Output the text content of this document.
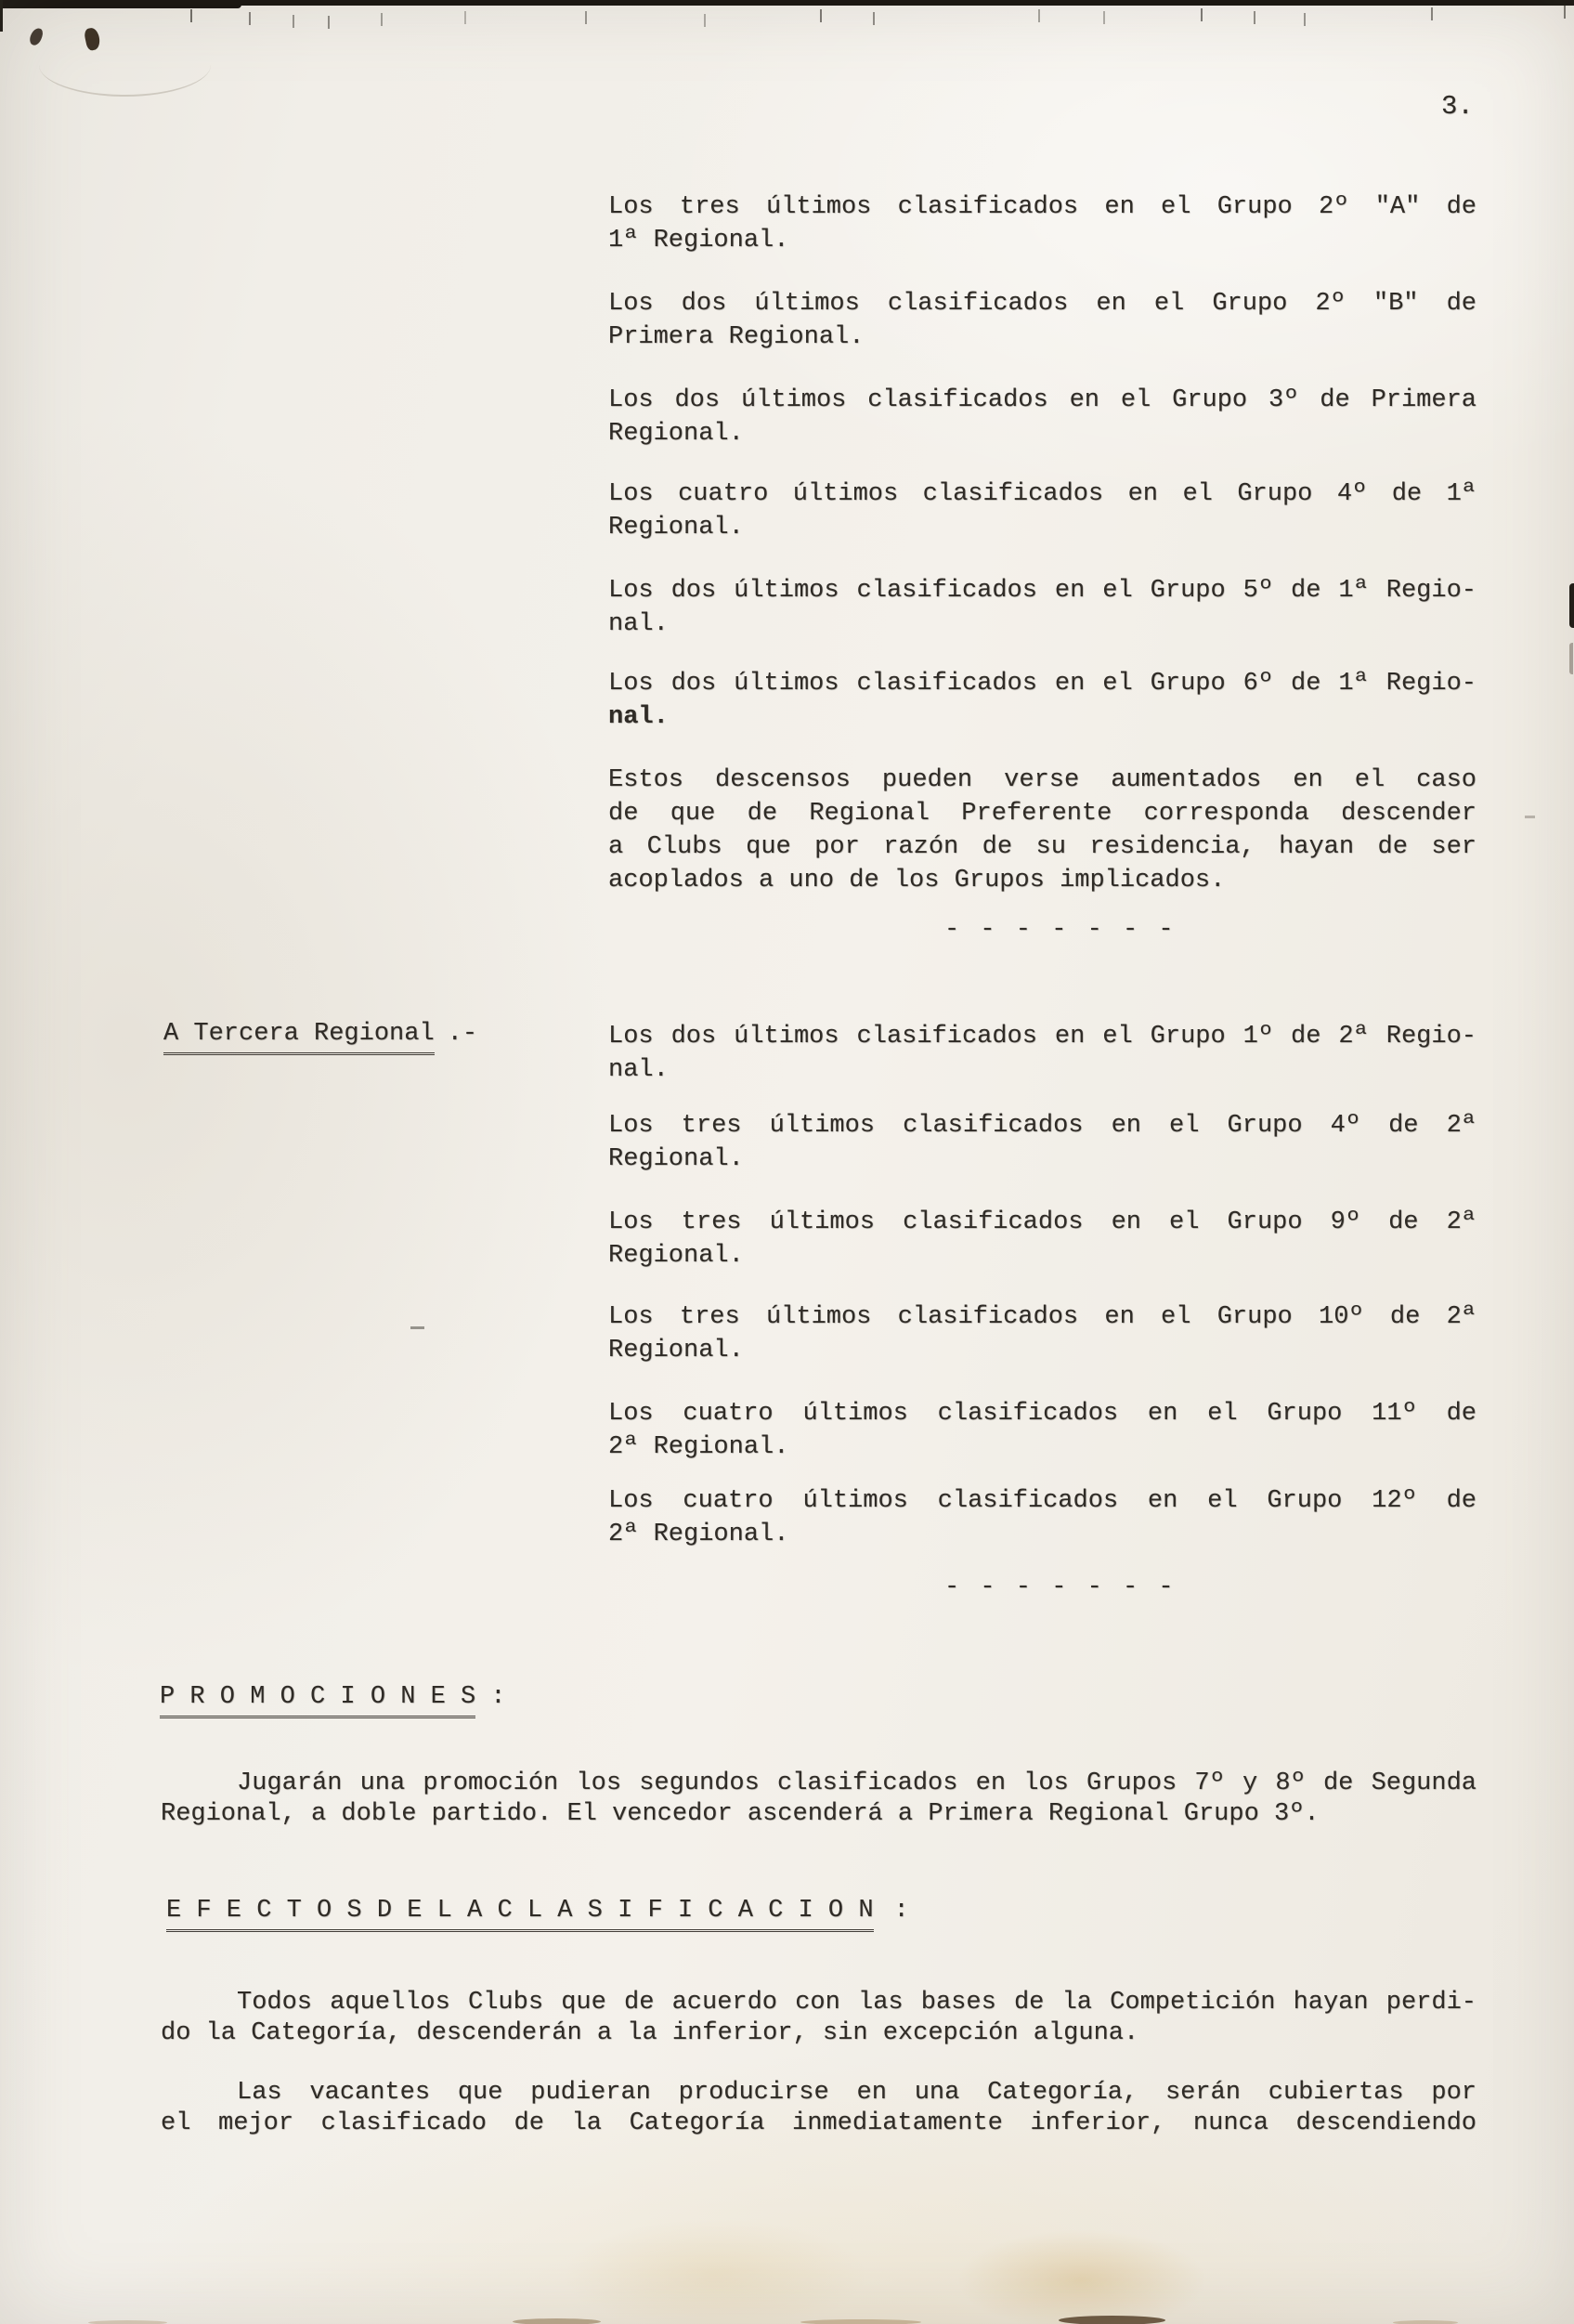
3.
Los tres últimos clasificados en el Grupo 2º "A" de
1ª Regional.
Los dos últimos clasificados en el Grupo 2º "B" de
Primera Regional.
Los dos últimos clasificados en el Grupo 3º de Primera
Regional.
Los cuatro últimos clasificados en el Grupo 4º de 1ª
Regional.
Los dos últimos clasificados en el Grupo 5º de 1ª Regio-
nal.
Los dos últimos clasificados en el Grupo 6º de 1ª Regio-
nal.
Estos descensos pueden verse aumentados en el caso
de que de Regional Preferente corresponda descender
a Clubs que por razón de su residencia, hayan de ser
acoplados a uno de los Grupos implicados.
- - - - - - -
A Tercera Regional .-	Los dos últimos clasificados en el Grupo 1º de 2ª Regio-
nal.
Los tres últimos clasificados en el Grupo 4º de 2ª
Regional.
Los tres últimos clasificados en el Grupo 9º de 2ª
Regional.
Los tres últimos clasificados en el Grupo 10º de 2ª
Regional.
Los cuatro últimos clasificados en el Grupo 11º de
2ª Regional.
Los cuatro últimos clasificados en el Grupo 12º de
2ª Regional.
- - - - - - -
P R O M O C I O N E S :
Jugarán una promoción los segundos clasificados en los Grupos 7º y 8º de Segunda
Regional, a doble partido. El vencedor ascenderá a Primera Regional Grupo 3º.
E F E C T O S D E L A C L A S I F I C A C I O N :
Todos aquellos Clubs que de acuerdo con las bases de la Competición hayan perdi-
do la Categoría, descenderán a la inferior, sin excepción alguna.
Las vacantes que pudieran producirse en una Categoría, serán cubiertas por
el mejor clasificado de la Categoría inmediatamente inferior, nunca descendiendo
